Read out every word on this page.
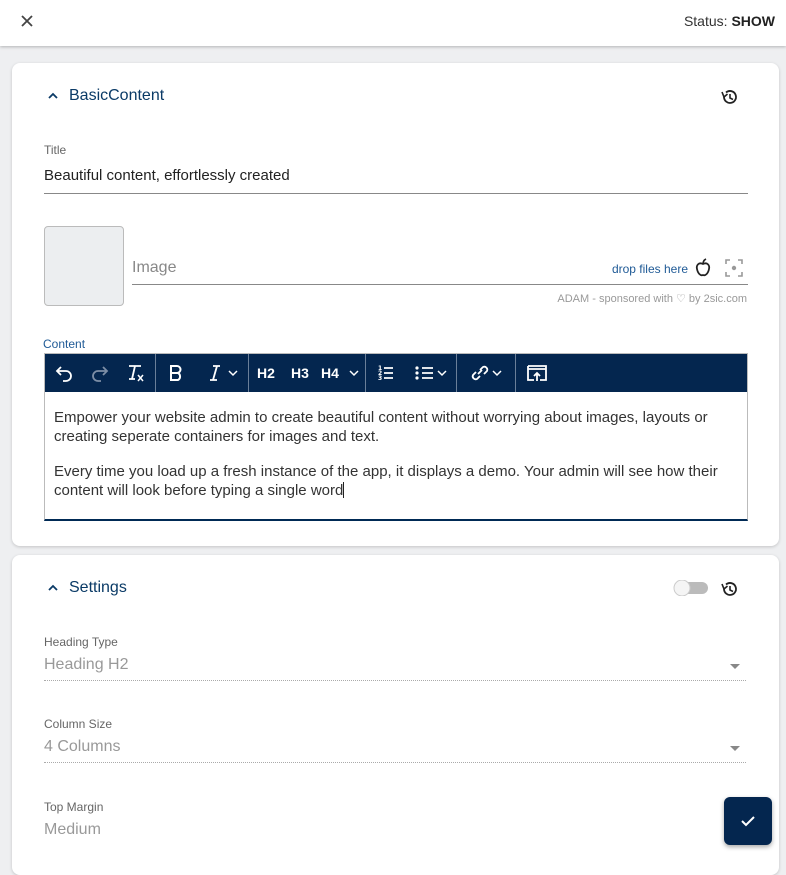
Status: SHOW
BasicContent
Title
Beautiful content, effortlessly created
Image	drop files here
ADAM - sponsored with ♡ by 2sic.com
Content
H2	H3 H4	1
2
3

Empower your website admin to create beautiful content without worrying about images, layouts or creating seperate containers for images and text.

Every time you load up a fresh instance of the app, it displays a demo. Your admin will see how their content will look before typing a single word

Settings
Heading Type
Heading H2
Column Size
4 Columns
Top Margin
Medium
